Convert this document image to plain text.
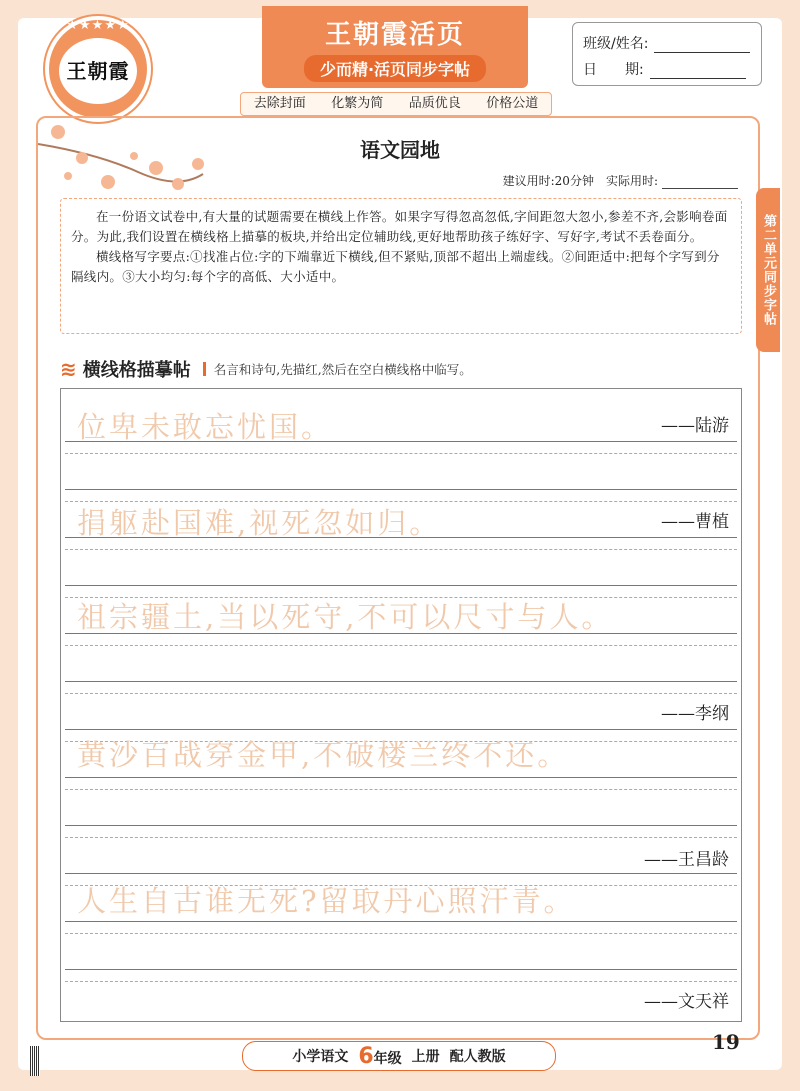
★★★★★
王朝霞
王朝霞活页
少而精·活页同步字帖
去除封面 化繁为简 品质优良 价格公道
班级/姓名:
日　　期:
语文园地
建议用时:20分钟 实际用时:
第二单元同步字帖

在一份语文试卷中,有大量的试题需要在横线上作答。如果字写得忽高忽低,字间距忽大忽小,参差不齐,会影响卷面分。为此,我们设置在横线格上描摹的板块,并给出定位辅助线,更好地帮助孩子练好字、写好字,考试不丢卷面分。

横线格写字要点:①找准占位:字的下端靠近下横线,但不紧贴,顶部不超出上端虚线。②间距适中:把每个字写到分隔线内。③大小均匀:每个字的高低、大小适中。

≋ 横线格描摹帖 名言和诗句,先描红,然后在空白横线格中临写。
位卑未敢忘忧国。	——陆游
捐躯赴国难,视死忽如归。	——曹植
祖宗疆土,当以死守,不可以尺寸与人。
——李纲
黄沙百战穿金甲,不破楼兰终不还。
——王昌龄
人生自古谁无死?留取丹心照汗青。
——文天祥
小学语文 6年级 上册 配人教版
19
